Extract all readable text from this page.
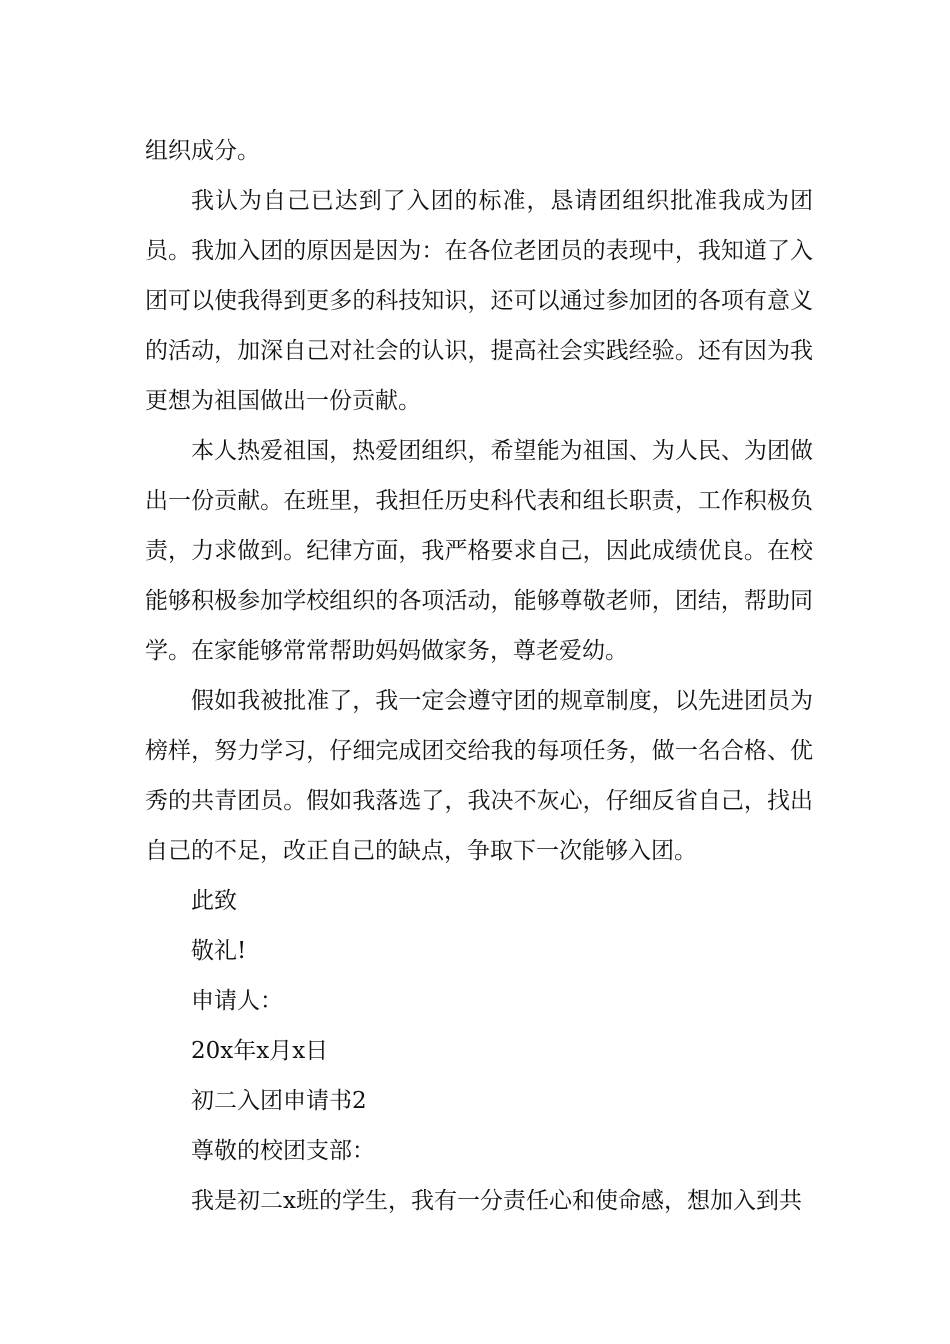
组织成分。

我认为自己已达到了入团的标准，恳请团组织批准我成为团员。我加入团的原因是因为：在各位老团员的表现中，我知道了入团可以使我得到更多的科技知识，还可以通过参加团的各项有意义的活动，加深自己对社会的认识，提高社会实践经验。还有因为我更想为祖国做出一份贡献。

本人热爱祖国，热爱团组织，希望能为祖国、为人民、为团做出一份贡献。在班里，我担任历史科代表和组长职责，工作积极负责，力求做到。纪律方面，我严格要求自己，因此成绩优良。在校能够积极参加学校组织的各项活动，能够尊敬老师，团结，帮助同学。在家能够常常帮助妈妈做家务，尊老爱幼。

假如我被批准了，我一定会遵守团的规章制度，以先进团员为榜样，努力学习，仔细完成团交给我的每项任务，做一名合格、优秀的共青团员。假如我落选了，我决不灰心，仔细反省自己，找出自己的不足，改正自己的缺点，争取下一次能够入团。

此致

敬礼!

申请人：

20x年x月x日

初二入团申请书2

尊敬的校团支部：

我是初二x班的学生，我有一分责任心和使命感，想加入到共
